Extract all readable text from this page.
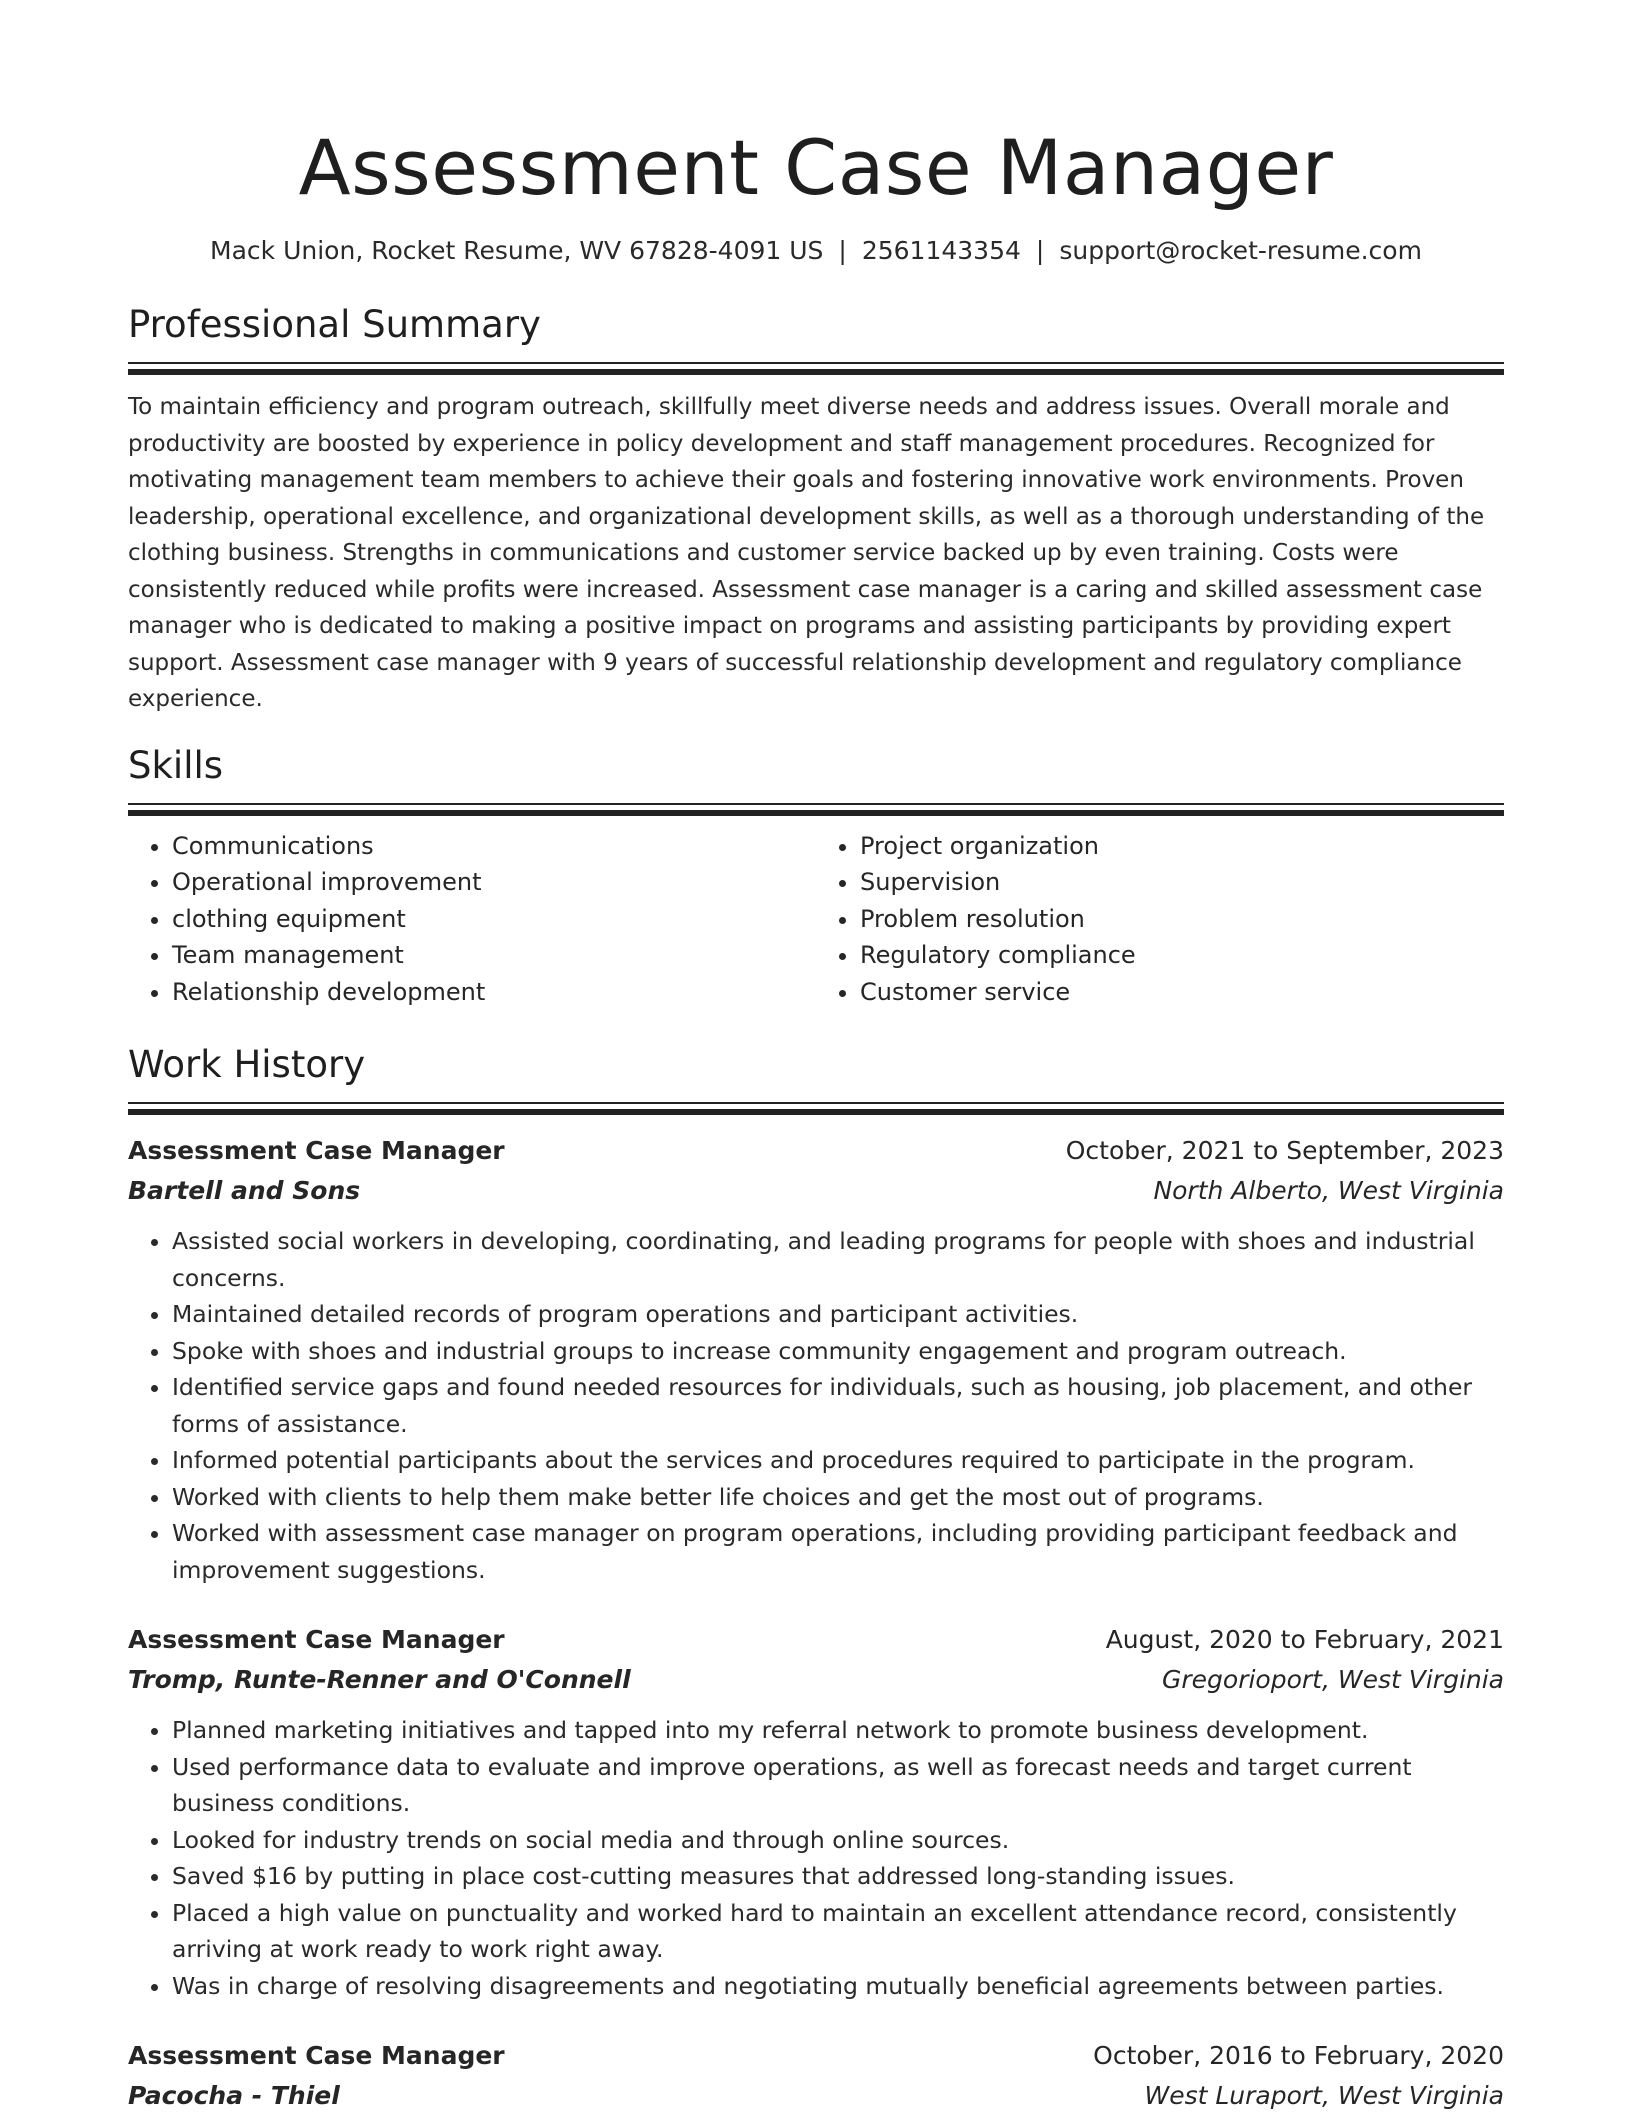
Assessment Case Manager
Mack Union, Rocket Resume, WV 67828-4091 US | 2561143354 | support@rocket-resume.com
Professional Summary

To maintain efficiency and program outreach, skillfully meet diverse needs and address issues. Overall morale and productivity are boosted by experience in policy development and staff management procedures. Recognized for motivating management team members to achieve their goals and fostering innovative work environments. Proven leadership, operational excellence, and organizational development skills, as well as a thorough understanding of the clothing business. Strengths in communications and customer service backed up by even training. Costs were consistently reduced while profits were increased. Assessment case manager is a caring and skilled assessment case manager who is dedicated to making a positive impact on programs and assisting participants by providing expert support. Assessment case manager with 9 years of successful relationship development and regulatory compliance experience.

Skills
• Communications
• Operational improvement
• clothing equipment
• Team management
• Relationship development
• Project organization
• Supervision
• Problem resolution
• Regulatory compliance
• Customer service
Work History
Assessment Case Manager	October, 2021 to September, 2023
Bartell and Sons	North Alberto, West Virginia
• Assisted social workers in developing, coordinating, and leading programs for people with shoes and industrial concerns.
• Maintained detailed records of program operations and participant activities.
• Spoke with shoes and industrial groups to increase community engagement and program outreach.
• Identified service gaps and found needed resources for individuals, such as housing, job placement, and other forms of assistance.
• Informed potential participants about the services and procedures required to participate in the program.
• Worked with clients to help them make better life choices and get the most out of programs.
• Worked with assessment case manager on program operations, including providing participant feedback and improvement suggestions.
Assessment Case Manager	August, 2020 to February, 2021
Tromp, Runte-Renner and O'Connell	Gregorioport, West Virginia
• Planned marketing initiatives and tapped into my referral network to promote business development.
• Used performance data to evaluate and improve operations, as well as forecast needs and target current business conditions.
• Looked for industry trends on social media and through online sources.
• Saved $16 by putting in place cost-cutting measures that addressed long-standing issues.
• Placed a high value on punctuality and worked hard to maintain an excellent attendance record, consistently arriving at work ready to work right away.
• Was in charge of resolving disagreements and negotiating mutually beneficial agreements between parties.
Assessment Case Manager	October, 2016 to February, 2020
Pacocha - Thiel	West Luraport, West Virginia
